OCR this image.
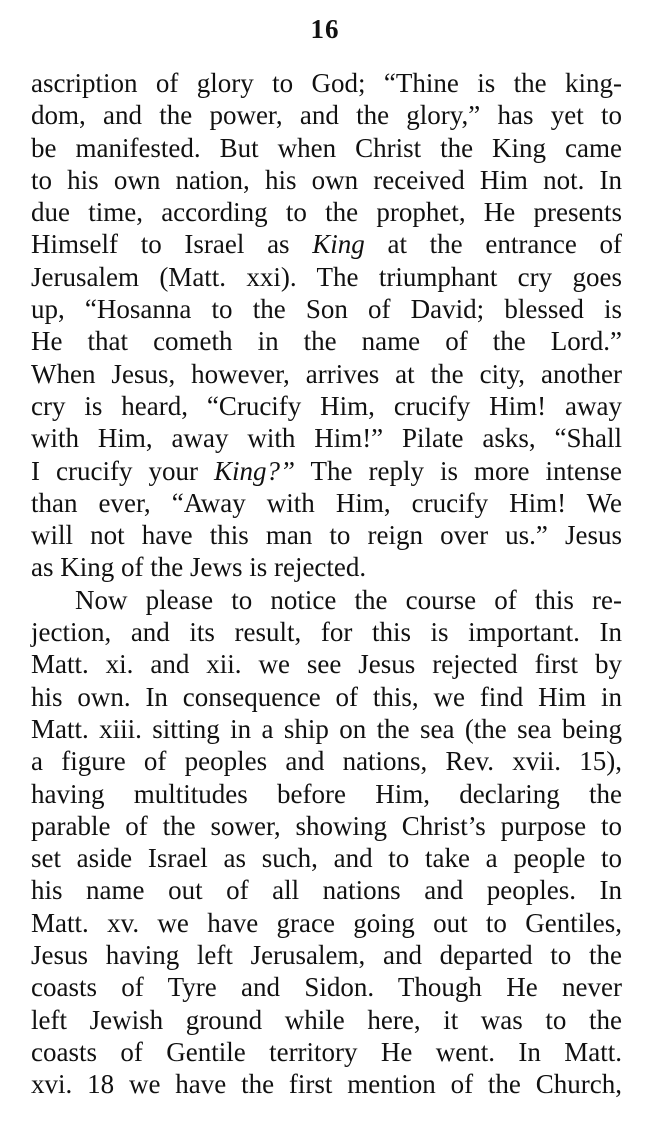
16
ascription of glory to God; “Thine is the king-
dom, and the power, and the glory,” has yet to
be manifested. But when Christ the King came
to his own nation, his own received Him not. In
due time, according to the prophet, He presents
Himself to Israel as King at the entrance of
Jerusalem (Matt. xxi). The triumphant cry goes
up, “Hosanna to the Son of David; blessed is
He that cometh in the name of the Lord.”
When Jesus, however, arrives at the city, another
cry is heard, “Crucify Him, crucify Him! away
with Him, away with Him!” Pilate asks, “Shall
I crucify your King?” The reply is more intense
than ever, “Away with Him, crucify Him! We
will not have this man to reign over us.” Jesus
as King of the Jews is rejected.
Now please to notice the course of this re-
jection, and its result, for this is important. In
Matt. xi. and xii. we see Jesus rejected first by
his own. In consequence of this, we find Him in
Matt. xiii. sitting in a ship on the sea (the sea being
a figure of peoples and nations, Rev. xvii. 15),
having multitudes before Him, declaring the
parable of the sower, showing Christ’s purpose to
set aside Israel as such, and to take a people to
his name out of all nations and peoples. In
Matt. xv. we have grace going out to Gentiles,
Jesus having left Jerusalem, and departed to the
coasts of Tyre and Sidon. Though He never
left Jewish ground while here, it was to the
coasts of Gentile territory He went. In Matt.
xvi. 18 we have the first mention of the Church,
